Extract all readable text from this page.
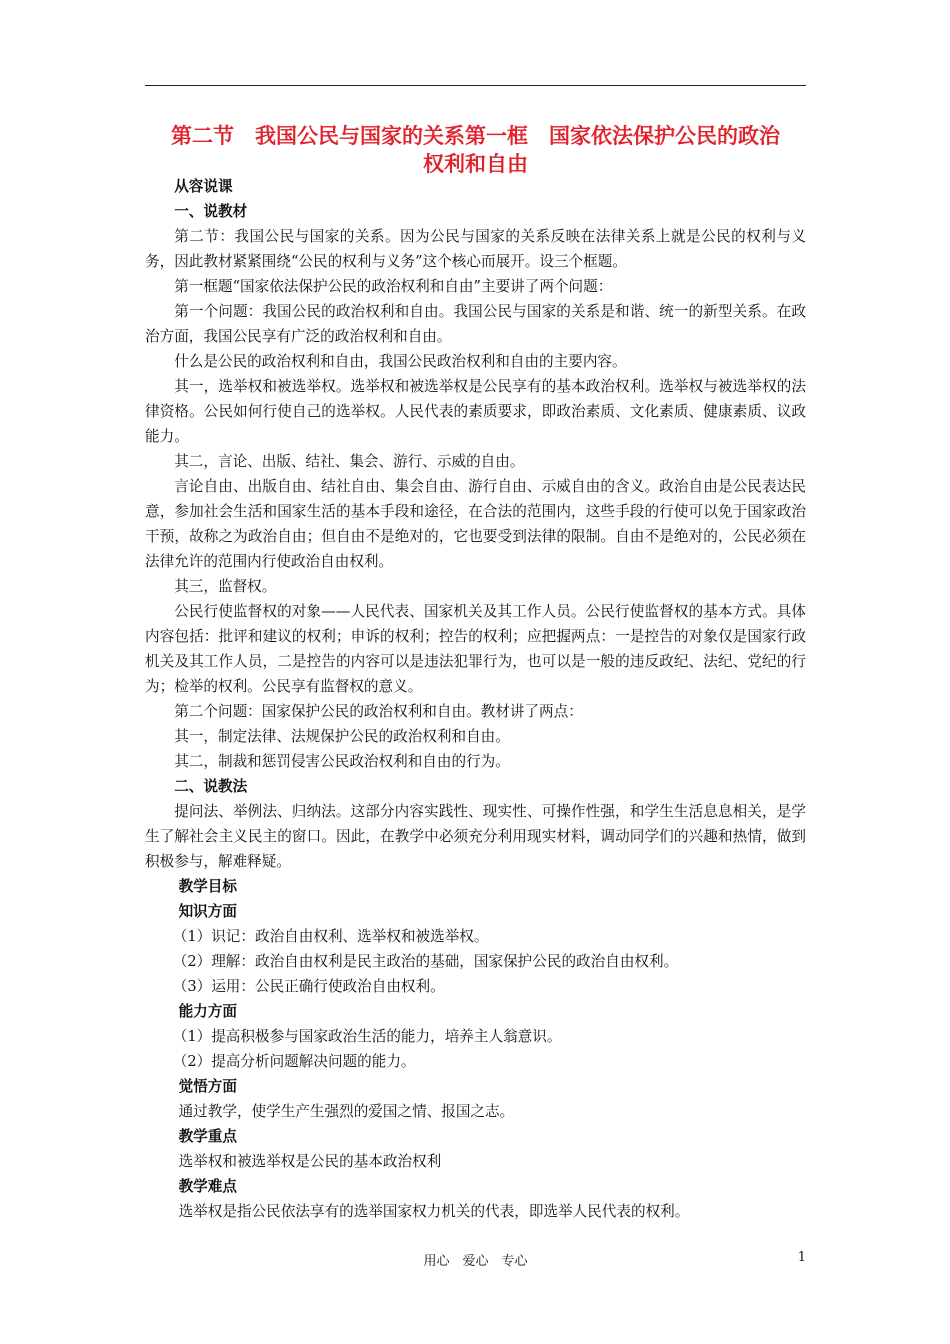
第二节　我国公民与国家的关系第一框　国家依法保护公民的政治
权利和自由

从容说课

一、说教材

第二节：我国公民与国家的关系。因为公民与国家的关系反映在法律关系上就是公民的权利与义务，因此教材紧紧围绕“公民的权利与义务”这个核心而展开。设三个框题。

第一框题“国家依法保护公民的政治权利和自由”主要讲了两个问题：

第一个问题：我国公民的政治权利和自由。我国公民与国家的关系是和谐、统一的新型关系。在政治方面，我国公民享有广泛的政治权利和自由。

什么是公民的政治权利和自由，我国公民政治权利和自由的主要内容。

其一，选举权和被选举权。选举权和被选举权是公民享有的基本政治权利。选举权与被选举权的法律资格。公民如何行使自己的选举权。人民代表的素质要求，即政治素质、文化素质、健康素质、议政能力。

其二，言论、出版、结社、集会、游行、示威的自由。

言论自由、出版自由、结社自由、集会自由、游行自由、示威自由的含义。政治自由是公民表达民意，参加社会生活和国家生活的基本手段和途径，在合法的范围内，这些手段的行使可以免于国家政治干预，故称之为政治自由；但自由不是绝对的，它也要受到法律的限制。自由不是绝对的，公民必须在法律允许的范围内行使政治自由权利。

其三，监督权。

公民行使监督权的对象——人民代表、国家机关及其工作人员。公民行使监督权的基本方式。具体内容包括：批评和建议的权利；申诉的权利；控告的权利；应把握两点：一是控告的对象仅是国家行政机关及其工作人员，二是控告的内容可以是违法犯罪行为，也可以是一般的违反政纪、法纪、党纪的行为；检举的权利。公民享有监督权的意义。

第二个问题：国家保护公民的政治权利和自由。教材讲了两点：

其一，制定法律、法规保护公民的政治权利和自由。

其二，制裁和惩罚侵害公民政治权利和自由的行为。

二、说教法

提问法、举例法、归纳法。这部分内容实践性、现实性、可操作性强，和学生生活息息相关，是学生了解社会主义民主的窗口。因此，在教学中必须充分利用现实材料，调动同学们的兴趣和热情，做到积极参与，解难释疑。

教学目标

知识方面

（1）识记：政治自由权利、选举权和被选举权。

（2）理解：政治自由权利是民主政治的基础，国家保护公民的政治自由权利。

（3）运用：公民正确行使政治自由权利。

能力方面

（1）提高积极参与国家政治生活的能力，培养主人翁意识。

（2）提高分析问题解决问题的能力。

觉悟方面

通过教学，使学生产生强烈的爱国之情、报国之志。

教学重点

选举权和被选举权是公民的基本政治权利

教学难点

选举权是指公民依法享有的选举国家权力机关的代表，即选举人民代表的权利。

用心　爱心　专心	1
